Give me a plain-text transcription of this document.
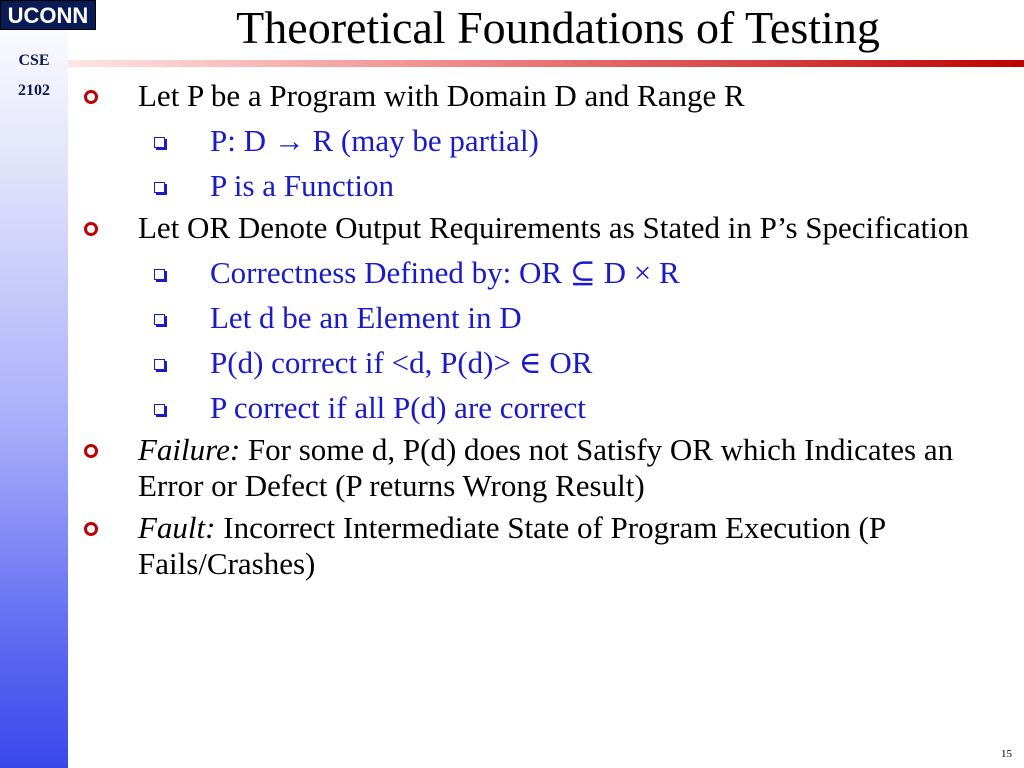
UCONN
CSE
2102
Theoretical Foundations of Testing
Let P be a Program with Domain D and Range R
P: D → R (may be partial)
P is a Function
Let OR Denote Output Requirements as Stated in P’s Specification
Correctness Defined by: OR ⊆ D × R
Let d be an Element in D
P(d) correct if <d, P(d)> ∈ OR
P correct if all P(d) are correct
Failure: For some d, P(d) does not Satisfy OR which Indicates an Error or Defect (P returns Wrong Result)
Fault: Incorrect Intermediate State of Program Execution (P Fails/Crashes)
15
